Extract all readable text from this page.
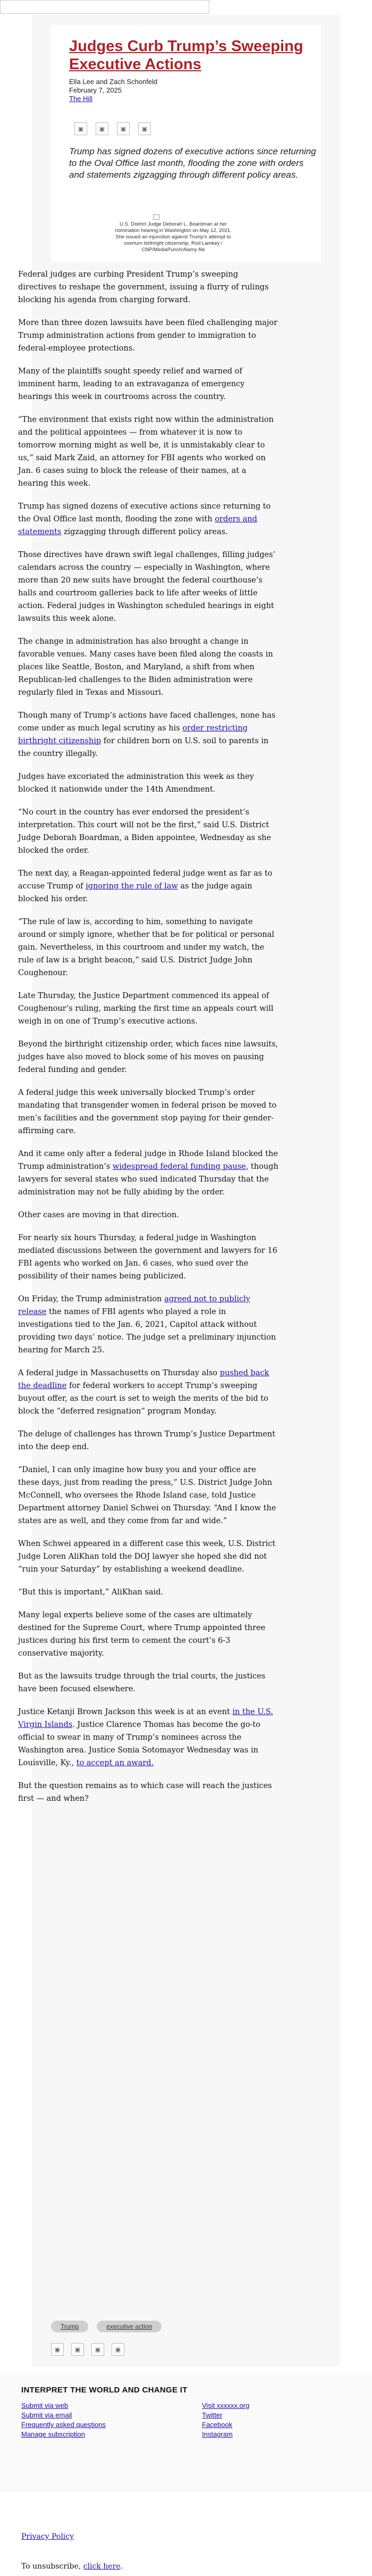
Judges Curb Trump’s Sweeping Executive Actions
Ella Lee and Zach Schonfeld
February 7, 2025
The Hill
▣	▣	▣	▣

Trump has signed dozens of executive actions since returning to the Oval Office last month, flooding the zone with orders and statements zigzagging through different policy areas.

U.S. District Judge Deborah L. Boardman at her nomination hearing in Washington on May 12, 2021. She issued an injunction against Trump’s attempt to overturn birthright citizenship. Rod Lamkey / CNP/MediaPunch/Alamy file

Federal judges are curbing President Trump’s sweeping directives to reshape the government, issuing a flurry of rulings blocking his agenda from charging forward.

More than three dozen lawsuits have been filed challenging major Trump administration actions from gender to immigration to federal-employee protections.

Many of the plaintiffs sought speedy relief and warned of imminent harm, leading to an extravaganza of emergency hearings this week in courtrooms across the country.

“The environment that exists right now within the administration and the political appointees — from whatever it is now to tomorrow morning might as well be, it is unmistakably clear to us,” said Mark Zaid, an attorney for FBI agents who worked on Jan. 6 cases suing to block the release of their names, at a hearing this week.

Trump has signed dozens of executive actions since returning to the Oval Office last month, flooding the zone with orders and statements zigzagging through different policy areas.

Those directives have drawn swift legal challenges, filling judges’ calendars across the country — especially in Washington, where more than 20 new suits have brought the federal courthouse’s halls and courtroom galleries back to life after weeks of little action. Federal judges in Washington scheduled hearings in eight lawsuits this week alone.

The change in administration has also brought a change in favorable venues. Many cases have been filed along the coasts in places like Seattle, Boston, and Maryland, a shift from when Republican-led challenges to the Biden administration were regularly filed in Texas and Missouri.

Though many of Trump’s actions have faced challenges, none has come under as much legal scrutiny as his order restricting birthright citizenship for children born on U.S. soil to parents in the country illegally.

Judges have excoriated the administration this week as they blocked it nationwide under the 14th Amendment.

“No court in the country has ever endorsed the president’s interpretation. This court will not be the first,” said U.S. District Judge Deborah Boardman, a Biden appointee, Wednesday as she blocked the order.

The next day, a Reagan-appointed federal judge went as far as to accuse Trump of ignoring the rule of law as the judge again blocked his order.

“The rule of law is, according to him, something to navigate around or simply ignore, whether that be for political or personal gain. Nevertheless, in this courtroom and under my watch, the rule of law is a bright beacon,” said U.S. District Judge John Coughenour.

Late Thursday, the Justice Department commenced its appeal of Coughenour’s ruling, marking the first time an appeals court will weigh in on one of Trump’s executive actions.

Beyond the birthright citizenship order, which faces nine lawsuits, judges have also moved to block some of his moves on pausing federal funding and gender.

A federal judge this week universally blocked Trump’s order mandating that transgender women in federal prison be moved to men’s facilities and the government stop paying for their gender-affirming care.

And it came only after a federal judge in Rhode Island blocked the Trump administration’s widespread federal funding pause, though lawyers for several states who sued indicated Thursday that the administration may not be fully abiding by the order.

Other cases are moving in that direction.

For nearly six hours Thursday, a federal judge in Washington mediated discussions between the government and lawyers for 16 FBI agents who worked on Jan. 6 cases, who sued over the possibility of their names being publicized.

On Friday, the Trump administration agreed not to publicly release the names of FBI agents who played a role in investigations tied to the Jan. 6, 2021, Capitol attack without providing two days’ notice. The judge set a preliminary injunction hearing for March 25.

A federal judge in Massachusetts on Thursday also pushed back the deadline for federal workers to accept Trump’s sweeping buyout offer, as the court is set to weigh the merits of the bid to block the “deferred resignation” program Monday.

The deluge of challenges has thrown Trump’s Justice Department into the deep end.

“Daniel, I can only imagine how busy you and your office are these days, just from reading the press,” U.S. District Judge John McConnell, who oversees the Rhode Island case, told Justice Department attorney Daniel Schwei on Thursday. “And I know the states are as well, and they come from far and wide.”

When Schwei appeared in a different case this week, U.S. District Judge Loren AliKhan told the DOJ lawyer she hoped she did not “ruin your Saturday” by establishing a weekend deadline.

“But this is important,” AliKhan said.

Many legal experts believe some of the cases are ultimately destined for the Supreme Court, where Trump appointed three justices during his first term to cement the court’s 6-3 conservative majority.

But as the lawsuits trudge through the trial courts, the justices have been focused elsewhere.

Justice Ketanji Brown Jackson this week is at an event in the U.S. Virgin Islands. Justice Clarence Thomas has become the go-to official to swear in many of Trump’s nominees across the Washington area. Justice Sonia Sotomayor Wednesday was in Louisville, Ky., to accept an award.

But the question remains as to which case will reach the justices first — and when?

Trump	executive action
▣	▣	▣	▣
INTERPRET THE WORLD AND CHANGE IT
Submit via web
Submit via email
Frequently asked questions
Manage subscription
Visit xxxxxx.org
Twitter
Facebook
Instagram
Privacy Policy

To unsubscribe, click here.
